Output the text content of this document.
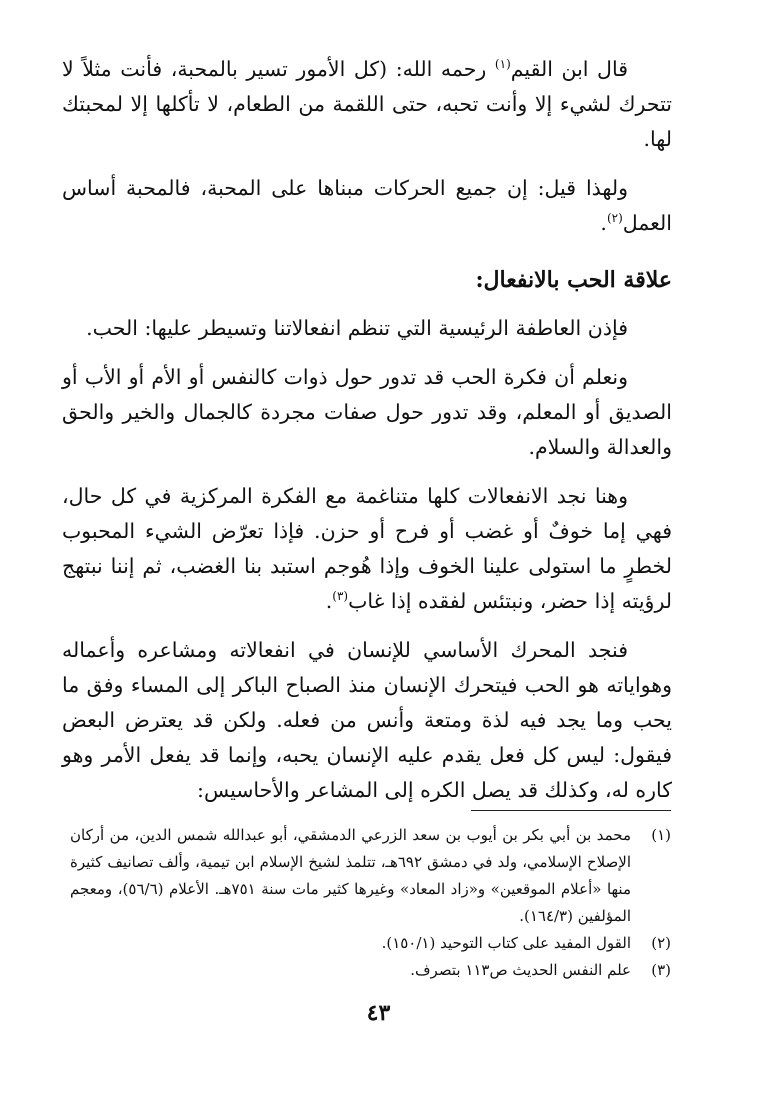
قال ابن القيم$^{(١)}$ رحمه الله: (كل الأمور تسير بالمحبة، فأنت مثلاً لا تتحرك لشيء إلا وأنت تحبه، حتى اللقمة من الطعام، لا تأكلها إلا لمحبتك لها.

ولهذا قيل: إن جميع الحركات مبناها على المحبة، فالمحبة أساس العمل$^{(٢)}$.

علاقة الحب بالانفعال:

فإذن العاطفة الرئيسية التي تنظم انفعالاتنا وتسيطر عليها: الحب.

ونعلم أن فكرة الحب قد تدور حول ذوات كالنفس أو الأم أو الأب أو الصديق أو المعلم، وقد تدور حول صفات مجردة كالجمال والخير والحق والعدالة والسلام.

وهنا نجد الانفعالات كلها متناغمة مع الفكرة المركزية في كل حال، فهي إما خوفٌ أو غضب أو فرح أو حزن. فإذا تعرّض الشيء المحبوب لخطرٍ ما استولى علينا الخوف وإذا هُوجم استبد بنا الغضب، ثم إننا نبتهج لرؤيته إذا حضر، ونبتئس لفقده إذا غاب$^{(٣)}$.

فنجد المحرك الأساسي للإنسان في انفعالاته ومشاعره وأعماله وهواياته هو الحب فيتحرك الإنسان منذ الصباح الباكر إلى المساء وفق ما يحب وما يجد فيه لذة ومتعة وأنس من فعله. ولكن قد يعترض البعض فيقول: ليس كل فعل يقدم عليه الإنسان يحبه، وإنما قد يفعل الأمر وهو كاره له، وكذلك قد يصل الكره إلى المشاعر والأحاسيس:

(١)
محمد بن أبي بكر بن أيوب بن سعد الزرعي الدمشقي، أبو عبدالله شمس الدين، من أركان الإصلاح الإسلامي، ولد في دمشق ٦٩٢هـ، تتلمذ لشيخ الإسلام ابن تيمية، وألف تصانيف كثيرة منها «أعلام الموقعين» و«زاد المعاد» وغيرها كثير مات سنة ٧٥١هـ. الأعلام (٥٦/٦)، ومعجم المؤلفين (١٦٤/٣).
(٢)
القول المفيد على كتاب التوحيد (١٥٠/١).
(٣)
علم النفس الحديث ص١١٣ بتصرف.
٤٣
